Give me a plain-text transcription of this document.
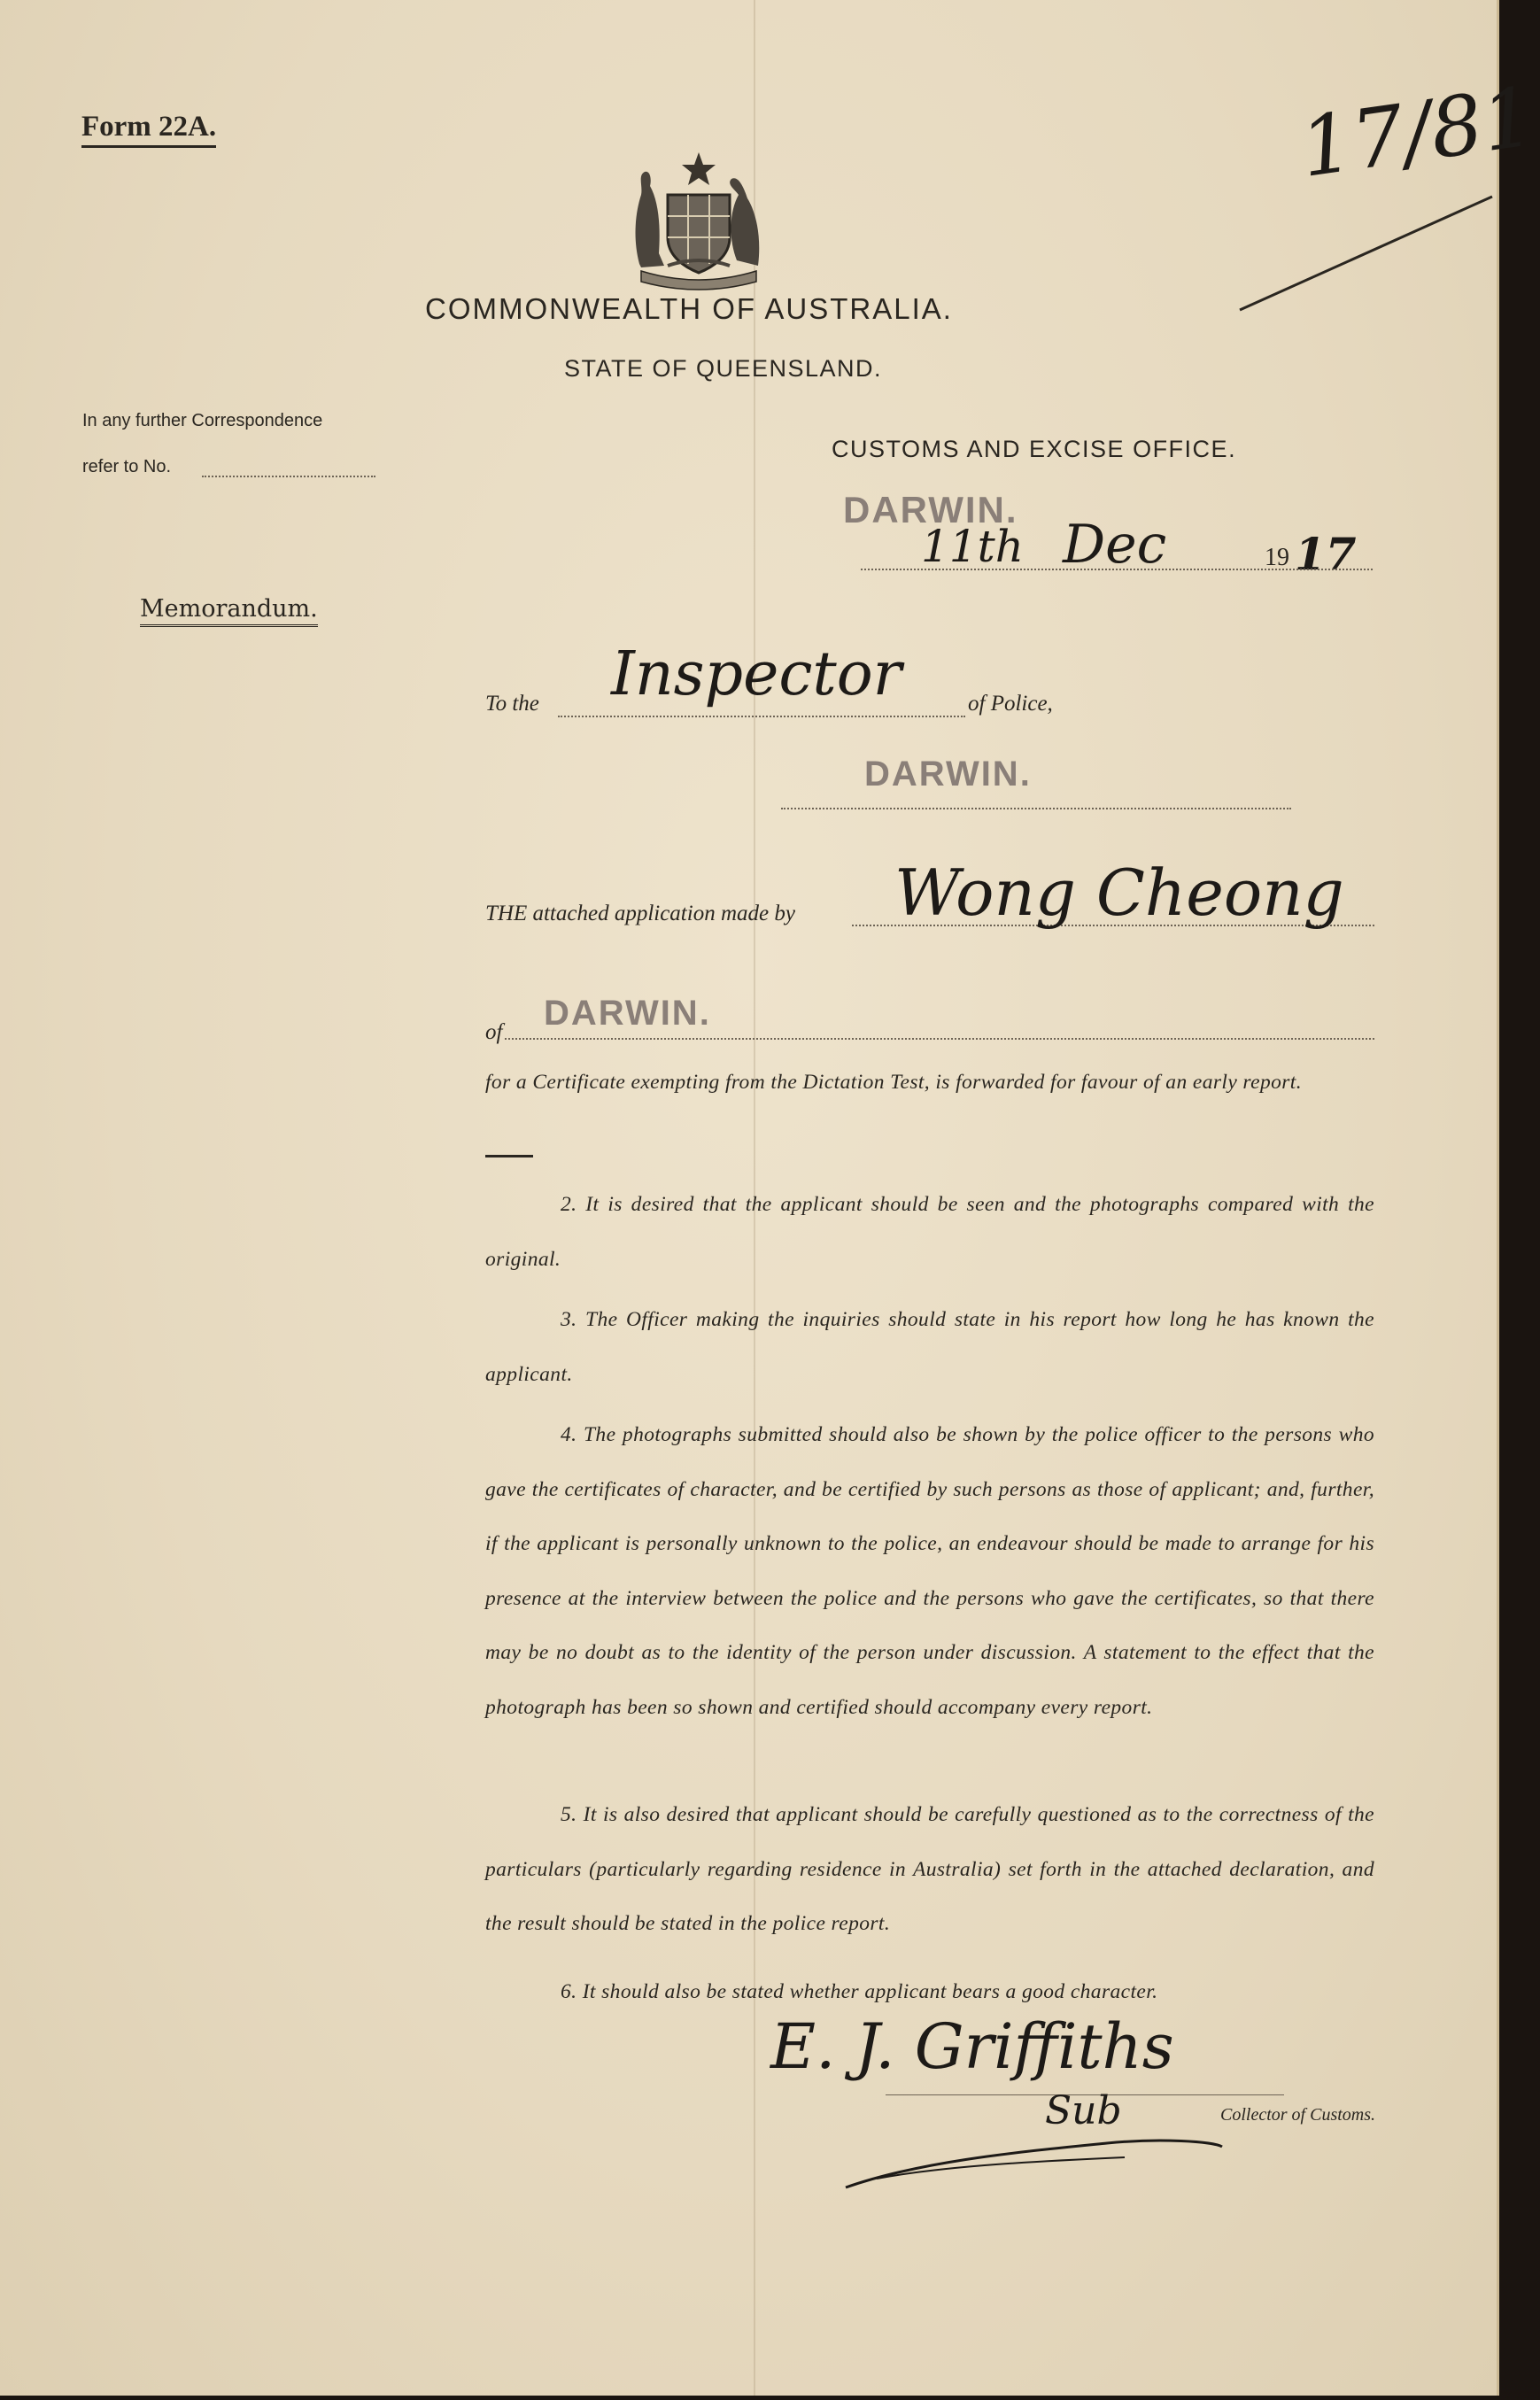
Form 22A.	17/81
COMMONWEALTH OF AUSTRALIA.
STATE OF QUEENSLAND.
In any further Correspondence
refer to No.
CUSTOMS AND EXCISE OFFICE.
Memorandum.
DARWIN.
11th Dec	19 17
To the Inspector	of Police,
DARWIN.
THE attached application made by Wong Cheong
of DARWIN.
for a Certificate exempting from the Dictation Test, is forwarded for favour of an early report.
2. It is desired that the applicant should be seen and the photographs compared with the original.
3. The Officer making the inquiries should state in his report how long he has known the applicant.
4. The photographs submitted should also be shown by the police officer to the persons who gave the certificates of character, and be certified by such persons as those of applicant; and, further, if the applicant is personally unknown to the police, an endeavour should be made to arrange for his presence at the interview between the police and the persons who gave the certificates, so that there may be no doubt as to the identity of the person under discussion. A statement to the effect that the photograph has been so shown and certified should accompany every report.
5. It is also desired that applicant should be carefully questioned as to the correctness of the particulars (particularly regarding residence in Australia) set forth in the attached declaration, and the result should be stated in the police report.
6. It should also be stated whether applicant bears a good character.
E. J. Griffiths
Sub	Collector of Customs.
